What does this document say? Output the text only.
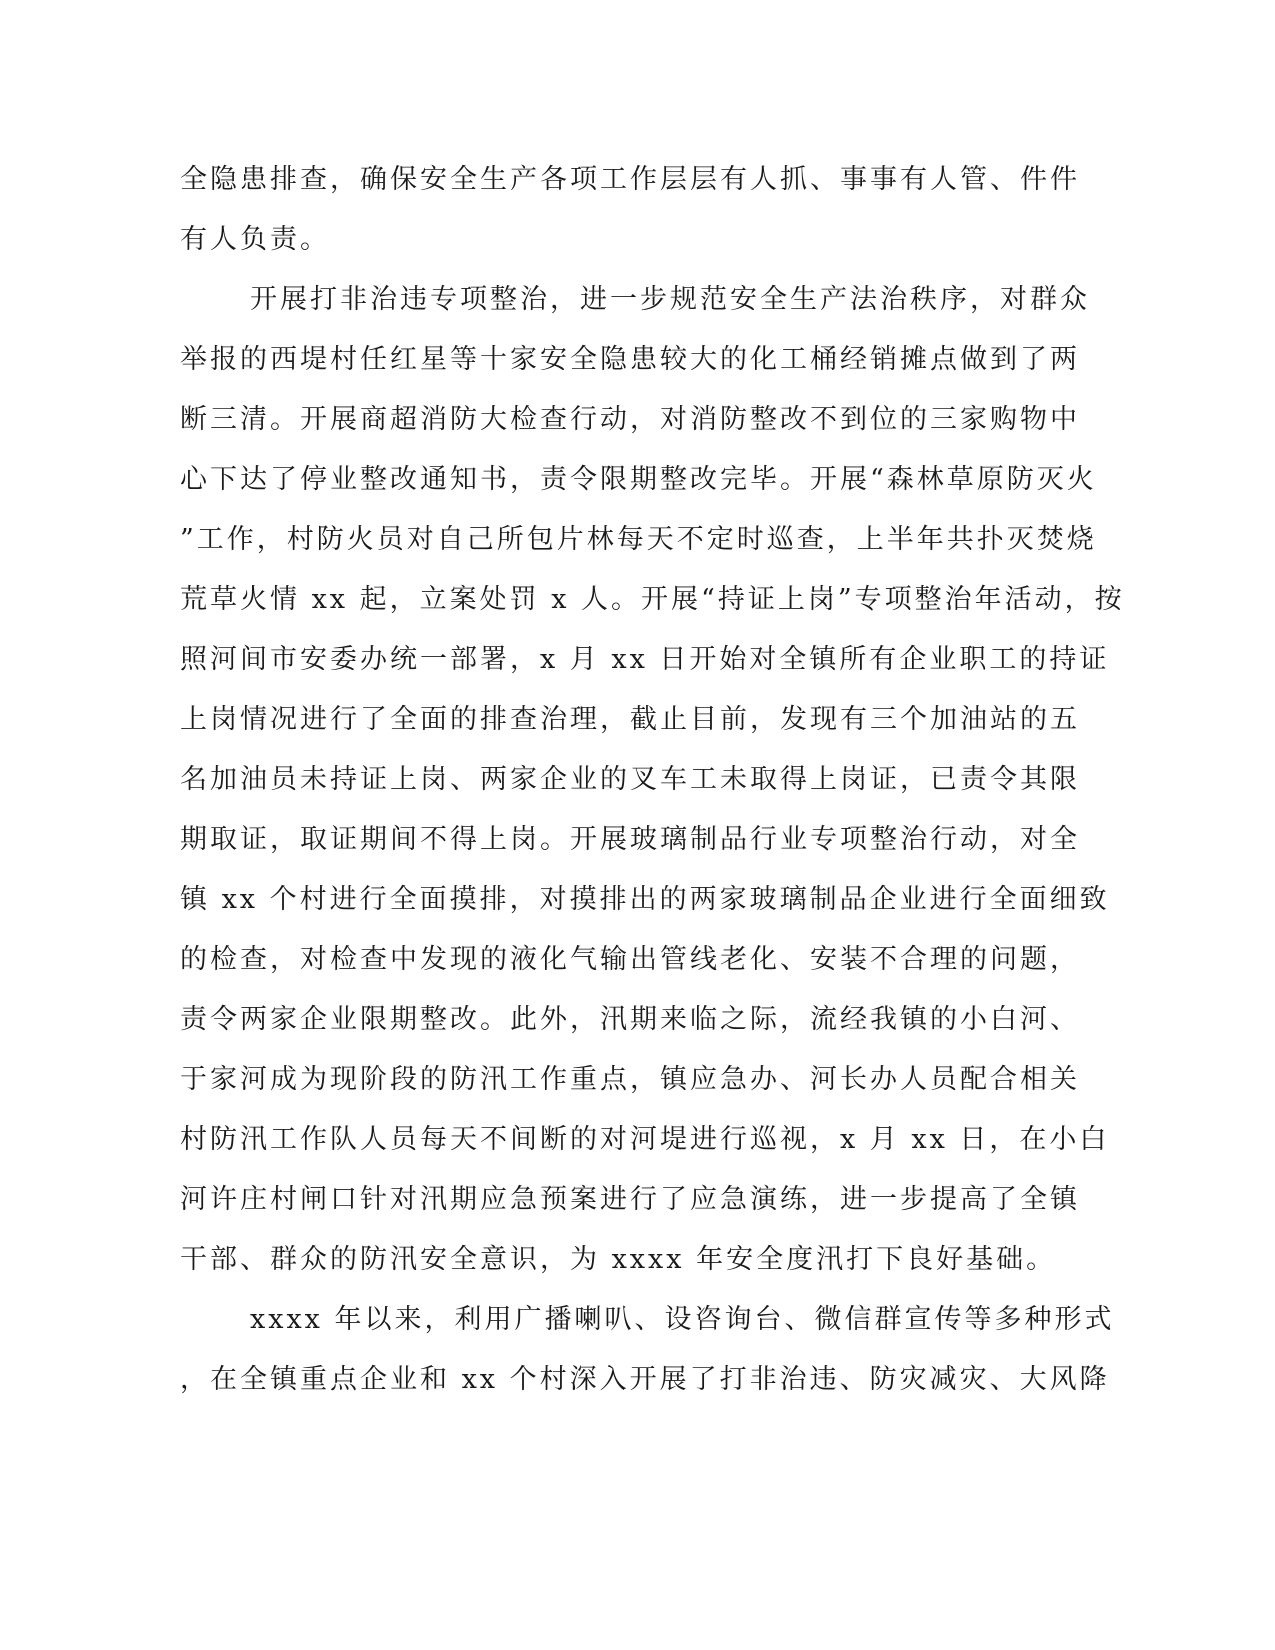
全隐患排查，确保安全生产各项工作层层有人抓、事事有人管、件件
有人负责。
开展打非治违专项整治，进一步规范安全生产法治秩序，对群众
举报的西堤村任红星等十家安全隐患较大的化工桶经销摊点做到了两
断三清。开展商超消防大检查行动，对消防整改不到位的三家购物中
心下达了停业整改通知书，责令限期整改完毕。开展“森林草原防灭火
”工作，村防火员对自己所包片林每天不定时巡查，上半年共扑灭焚烧
荒草火情 xx 起，立案处罚 x 人。开展“持证上岗”专项整治年活动，按
照河间市安委办统一部署，x 月 xx 日开始对全镇所有企业职工的持证
上岗情况进行了全面的排查治理，截止目前，发现有三个加油站的五
名加油员未持证上岗、两家企业的叉车工未取得上岗证，已责令其限
期取证，取证期间不得上岗。开展玻璃制品行业专项整治行动，对全
镇 xx 个村进行全面摸排，对摸排出的两家玻璃制品企业进行全面细致
的检查，对检查中发现的液化气输出管线老化、安装不合理的问题，
责令两家企业限期整改。此外，汛期来临之际，流经我镇的小白河、
于家河成为现阶段的防汛工作重点，镇应急办、河长办人员配合相关
村防汛工作队人员每天不间断的对河堤进行巡视，x 月 xx 日，在小白
河许庄村闸口针对汛期应急预案进行了应急演练，进一步提高了全镇
干部、群众的防汛安全意识，为 xxxx 年安全度汛打下良好基础。
xxxx 年以来，利用广播喇叭、设咨询台、微信群宣传等多种形式
，在全镇重点企业和 xx 个村深入开展了打非治违、防灾减灾、大风降
